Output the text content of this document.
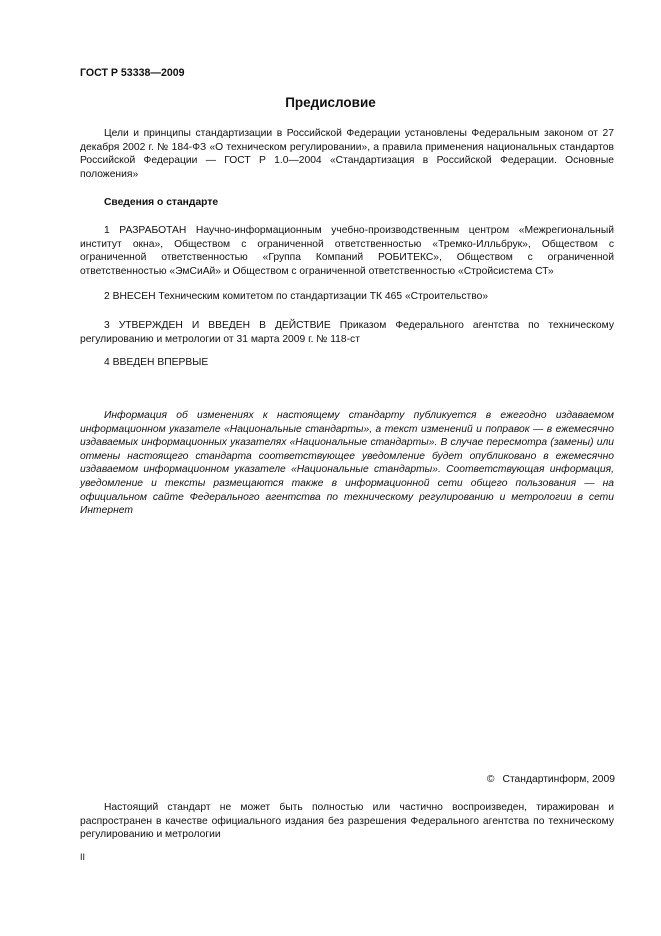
ГОСТ Р 53338—2009
Предисловие

Цели и принципы стандартизации в Российской Федерации установлены Федеральным законом от 27 декабря 2002 г. № 184-ФЗ «О техническом регулировании», а правила применения национальных стандартов Российской Федерации — ГОСТ Р 1.0—2004 «Стандартизация в Российской Федерации. Основные положения»

Сведения о стандарте

1 РАЗРАБОТАН Научно-информационным учебно-производственным центром «Межрегиональный институт окна», Обществом с ограниченной ответственностью «Тремко-Илльбрук», Обществом с ограниченной ответственностью «Группа Компаний РОБИТЕКС», Обществом с ограниченной ответственностью «ЭмСиАй» и Обществом с ограниченной ответственностью «Стройсистема СТ»

2 ВНЕСЕН Техническим комитетом по стандартизации ТК 465 «Строительство»

3 УТВЕРЖДЕН И ВВЕДЕН В ДЕЙСТВИЕ Приказом Федерального агентства по техническому регулированию и метрологии от 31 марта 2009 г. № 118-ст

4 ВВЕДЕН ВПЕРВЫЕ

Информация об изменениях к настоящему стандарту публикуется в ежегодно издаваемом информационном указателе «Национальные стандарты», а текст изменений и поправок — в ежемесячно издаваемых информационных указателях «Национальные стандарты». В случае пересмотра (замены) или отмены настоящего стандарта соответствующее уведомление будет опубликовано в ежемесячно издаваемом информационном указателе «Национальные стандарты». Соответствующая информация, уведомление и тексты размещаются также в информационной сети общего пользования — на официальном сайте Федерального агентства по техническому регулированию и метрологии в сети Интернет

© Стандартинформ, 2009

Настоящий стандарт не может быть полностью или частично воспроизведен, тиражирован и распространен в качестве официального издания без разрешения Федерального агентства по техническому регулированию и метрологии

II
